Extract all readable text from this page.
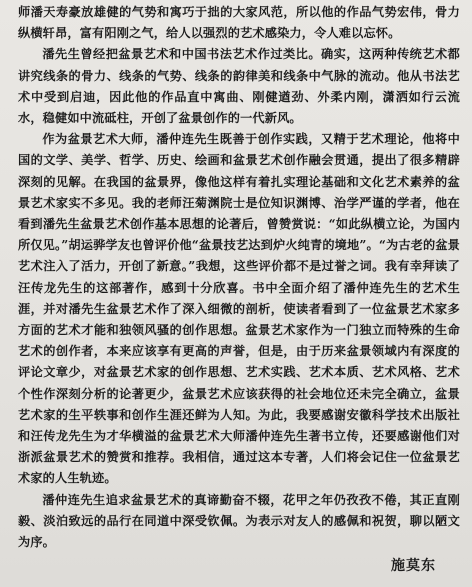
师潘天寿豪放雄健的气势和寓巧于拙的大家风范，所以他的作品气势宏伟，骨力纵横轩昂，富有阳刚之气，给人以强烈的艺术感染力，令人难以忘怀。

潘先生曾经把盆景艺术和中国书法艺术作过类比。确实，这两种传统艺术都讲究线条的骨力、线条的气势、线条的韵律美和线条中气脉的流动。他从书法艺术中受到启迪，因此他的作品直中寓曲、刚健遒劲、外柔内刚，潇洒如行云流水，稳健如中流砥柱，开创了盆景创作的一代新风。

作为盆景艺术大师，潘仲连先生既善于创作实践，又精于艺术理论，他将中国的文学、美学、哲学、历史、绘画和盆景艺术创作融会贯通，提出了很多精辟深刻的见解。在我国的盆景界，像他这样有着扎实理论基础和文化艺术素养的盆景艺术家实不多见。我的老师汪菊渊院士是位知识渊博、治学严谨的学者，他在看到潘先生盆景艺术创作基本思想的论著后，曾赞赏说：“如此纵横立论，为国内所仅见。”胡运骅学友也曾评价他“盆景技艺达到炉火纯青的境地”。“为古老的盆景艺术注入了活力，开创了新意。”我想，这些评价都不是过誉之词。我有幸拜读了汪传龙先生的这部著作，感到十分欣喜。书中全面介绍了潘仲连先生的艺术生涯，并对潘先生盆景艺术作了深入细微的剖析，使读者看到了一位盆景艺术家多方面的艺术才能和独领风骚的创作思想。盆景艺术家作为一门独立而特殊的生命艺术的创作者，本来应该享有更高的声誉，但是，由于历来盆景领域内有深度的评论文章少，对盆景艺术家的创作思想、艺术实践、艺术本质、艺术风格、艺术个性作深刻分析的论著更少，盆景艺术应该获得的社会地位还未完全确立，盆景艺术家的生平轶事和创作生涯还鲜为人知。为此，我要感谢安徽科学技术出版社和汪传龙先生为才华横溢的盆景艺术大师潘仲连先生著书立传，还要感谢他们对浙派盆景艺术的赞赏和推荐。我相信，通过这本专著，人们将会记住一位盆景艺术家的人生轨迹。

潘仲连先生追求盆景艺术的真谛勤奋不辍，花甲之年仍孜孜不倦，其正直刚毅、淡泊致远的品行在同道中深受钦佩。为表示对友人的感佩和祝贺，聊以陋文为序。

施莫东
